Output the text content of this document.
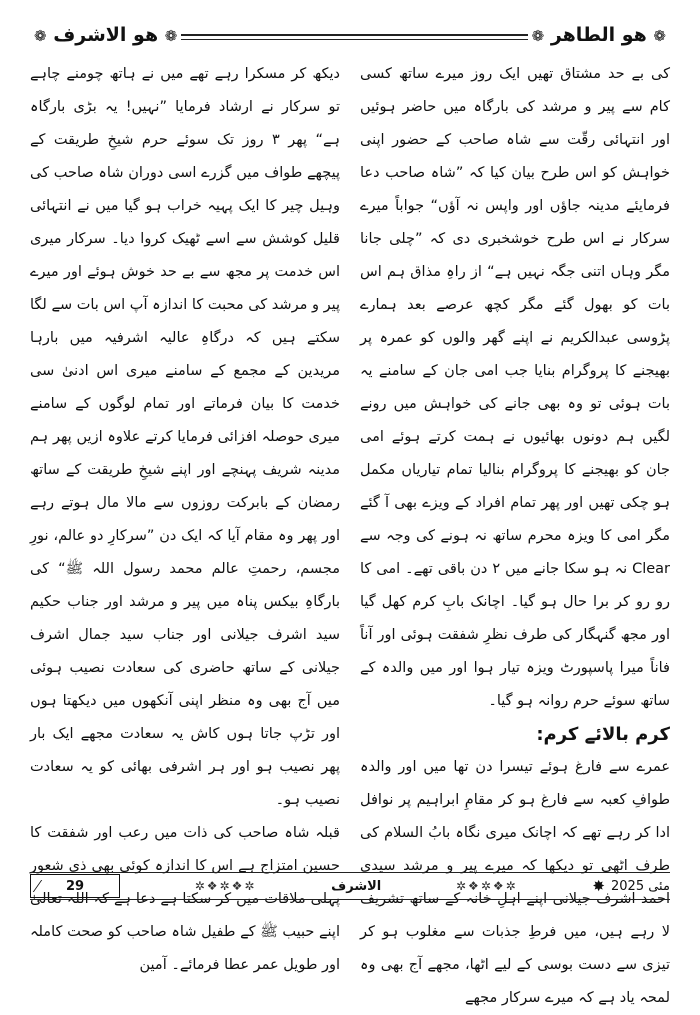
❁ هو الاشرف ❁	❁ هو الطاهر ❁

کی بے حد مشتاق تھیں ایک روز میرے ساتھ کسی کام سے پیر و مرشد کی بارگاہ میں حاضر ہوئیں اور انتہائی رقّت سے شاہ صاحب کے حضور اپنی خواہش کو اس طرح بیان کیا کہ ”شاہ صاحب دعا فرمایئے مدینہ جاؤں اور واپس نہ آؤں“ جواباً میرے سرکار نے اس طرح خوشخبری دی کہ ”چلی جانا مگر وہاں اتنی جگہ نہیں ہے“ از راہِ مذاق ہم اس بات کو بھول گئے مگر کچھ عرصے بعد ہمارے پڑوسی عبدالکریم نے اپنے گھر والوں کو عمرہ پر بھیجنے کا پروگرام بنایا جب امی جان کے سامنے یہ بات ہوئی تو وہ بھی جانے کی خواہش میں رونے لگیں ہم دونوں بھائیوں نے ہمت کرتے ہوئے امی جان کو بھیجنے کا پروگرام بنالیا تمام تیاریاں مکمل ہو چکی تھیں اور پھر تمام افراد کے ویزے بھی آ گئے مگر امی کا ویزہ محرم ساتھ نہ ہونے کی وجہ سے Clear نہ ہو سکا جانے میں ۲ دن باقی تھے۔ امی کا رو رو کر برا حال ہو گیا۔ اچانک بابِ کرم کھل گیا اور مجھ گنہگار کی طرف نظرِ شفقت ہوئی اور آناً فاناً میرا پاسپورٹ ویزہ تیار ہوا اور میں والدہ کے ساتھ سوئے حرم روانہ ہو گیا۔

کرم بالائے کرم:

عمرے سے فارغ ہوئے تیسرا دن تھا میں اور والدہ طوافِ کعبہ سے فارغ ہو کر مقامِ ابراہیم پر نوافل ادا کر رہے تھے کہ اچانک میری نگاہ بابُ السلام کی طرف اٹھی تو دیکھا کہ میرے پیر و مرشد سیدی احمد اشرف جیلانی اپنے اہلِ خانہ کے ساتھ تشریف لا رہے ہیں، میں فرطِ جذبات سے مغلوب ہو کر تیزی سے دست بوسی کے لیے اٹھا، مجھے آج بھی وہ لمحہ یاد ہے کہ میرے سرکار مجھے

دیکھ کر مسکرا رہے تھے میں نے ہاتھ چومنے چاہے تو سرکار نے ارشاد فرمایا ”نہیں! یہ بڑی بارگاہ ہے“ پھر ۳ روز تک سوئے حرم شیخِ طریقت کے پیچھے طواف میں گزرے اسی دوران شاہ صاحب کی وہیل چیر کا ایک پہیہ خراب ہو گیا میں نے انتہائی قلیل کوشش سے اسے ٹھیک کروا دیا۔ سرکار میری اس خدمت پر مجھ سے بے حد خوش ہوئے اور میرے پیر و مرشد کی محبت کا اندازہ آپ اس بات سے لگا سکتے ہیں کہ درگاہِ عالیہ اشرفیہ میں بارہا مریدین کے مجمع کے سامنے میری اس ادنیٰ سی خدمت کا بیان فرماتے اور تمام لوگوں کے سامنے میری حوصلہ افزائی فرمایا کرتے علاوہ ازیں پھر ہم مدینہ شریف پہنچے اور اپنے شیخِ طریقت کے ساتھ رمضان کے بابرکت روزوں سے مالا مال ہوتے رہے اور پھر وہ مقام آیا کہ ایک دن ”سرکارِ دو عالم، نورِ مجسم، رحمتِ عالم محمد رسول اللہ ﷺ“ کی بارگاہِ بیکس پناہ میں پیر و مرشد اور جناب حکیم سید اشرف جیلانی اور جناب سید جمال اشرف جیلانی کے ساتھ حاضری کی سعادت نصیب ہوئی میں آج بھی وہ منظر اپنی آنکھوں میں دیکھتا ہوں اور تڑپ جاتا ہوں کاش یہ سعادت مجھے ایک بار پھر نصیب ہو اور ہر اشرفی بھائی کو یہ سعادت نصیب ہو۔

قبلہ شاہ صاحب کی ذات میں رعب اور شفقت کا حسین امتزاج ہے اس کا اندازہ کوئی بھی ذی شعور پہلی ملاقات میں کر سکتا ہے دعا ہے کہ اللہ تعالیٰ اپنے حبیب ﷺ کے طفیل شاہ صاحب کو صحت کاملہ اور طویل عمر عطا فرمائے۔ آمین

29	✲❖✲❖✲	الاشرف	✲❖✲❖✲	مئی 2025
✸
